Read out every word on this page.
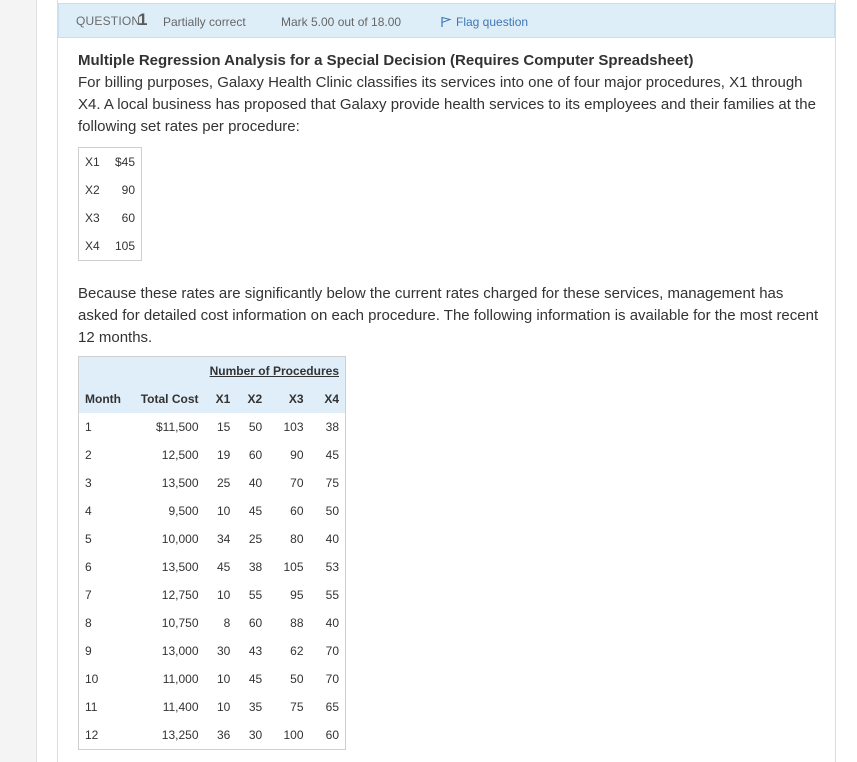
QUESTION
1 Partially correct	Mark 5.00 out of 18.00	Flag question
Multiple Regression Analysis for a Special Decision (Requires Computer Spreadsheet)

For billing purposes, Galaxy Health Clinic classifies its services into one of four major procedures, X1 through X4. A local business has proposed that Galaxy provide health services to its employees and their families at the following set rates per procedure:

X1	$45
X2	90
X3	60
X4	105
Because these rates are significantly below the current rates charged for these services, management has asked for detailed cost information on each procedure. The following information is available for the most recent 12 months.
		Number of Procedures			
Month	Total Cost	X1	X2	X3	X4
1	$11,500	15	50	103	38
2	12,500	19	60	90	45
3	13,500	25	40	70	75
4	9,500	10	45	60	50
5	10,000	34	25	80	40
6	13,500	45	38	105	53
7	12,750	10	55	95	55
8	10,750	8	60	88	40
9	13,000	30	43	62	70
10	11,000	10	45	50	70
11	11,400	10	35	75	65
12	13,250	36	30	100	60
